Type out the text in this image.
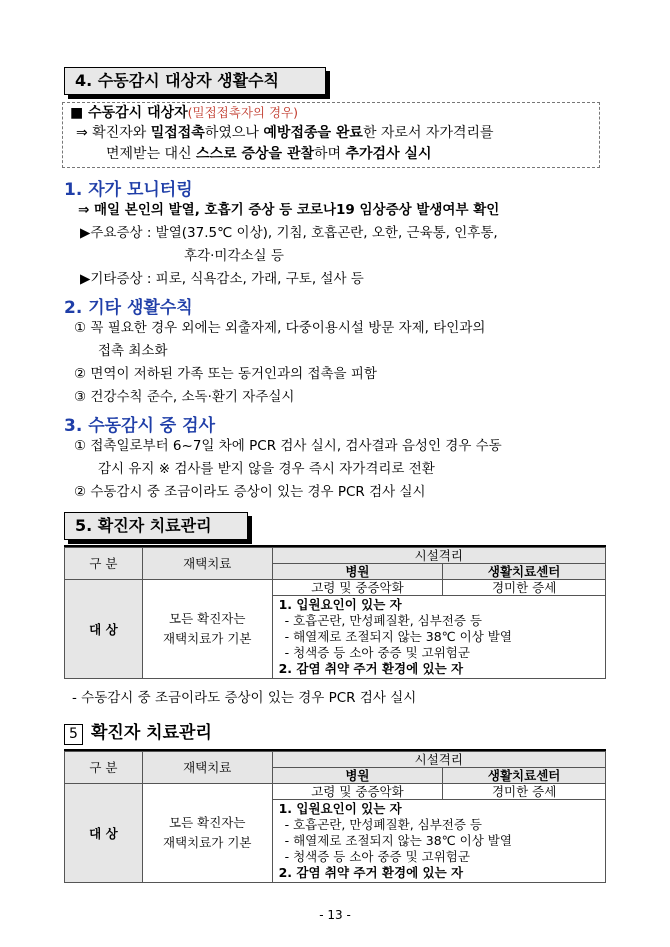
4. 수동감시 대상자 생활수칙
■ 수동감시 대상자(밀접접촉자의 경우)
⇒ 확진자와 밀접접촉하였으나 예방접종을 완료한 자로서 자가격리를
면제받는 대신 스스로 증상을 관찰하며 추가검사 실시
1. 자가 모니터링
⇒ 매일 본인의 발열, 호흡기 증상 등 코로나19 임상증상 발생여부 확인
▶주요증상 : 발열(37.5℃ 이상), 기침, 호흡곤란, 오한, 근육통, 인후통,
후각·미각소실 등
▶기타증상 : 피로, 식욕감소, 가래, 구토, 설사 등
2. 기타 생활수칙
① 꼭 필요한 경우 외에는 외출자제, 다중이용시설 방문 자제, 타인과의
접촉 최소화
② 면역이 저하된 가족 또는 동거인과의 접촉을 피함
③ 건강수칙 준수, 소독·환기 자주실시
3. 수동감시 중 검사
① 접촉일로부터 6~7일 차에 PCR 검사 실시, 검사결과 음성인 경우 수동
감시 유지 ※ 검사를 받지 않을 경우 즉시 자가격리로 전환
② 수동감시 중 조금이라도 증상이 있는 경우 PCR 검사 실시
5. 확진자 치료관리
구 분	재택치료	시설격리	
		병원	생활치료센터
대 상	모든 확진자는
재택치료가 기본	고령 및 중증악화	경미한 증세

		1. 입원요인이 있는 자
- 호흡곤란, 만성폐질환, 심부전증 등
- 해열제로 조절되지 않는 38℃ 이상 발열
- 청색증 등 소아 중증 및 고위험군
2. 감염 취약 주거 환경에 있는 자	
- 수동감시 중 조금이라도 증상이 있는 경우 PCR 검사 실시
5 확진자 치료관리
구 분	재택치료	시설격리	
		병원	생활치료센터
대 상	모든 확진자는
재택치료가 기본	고령 및 중증악화	경미한 증세

		1. 입원요인이 있는 자
- 호흡곤란, 만성폐질환, 심부전증 등
- 해열제로 조절되지 않는 38℃ 이상 발열
- 청색증 등 소아 중증 및 고위험군
2. 감염 취약 주거 환경에 있는 자	
- 13 -
